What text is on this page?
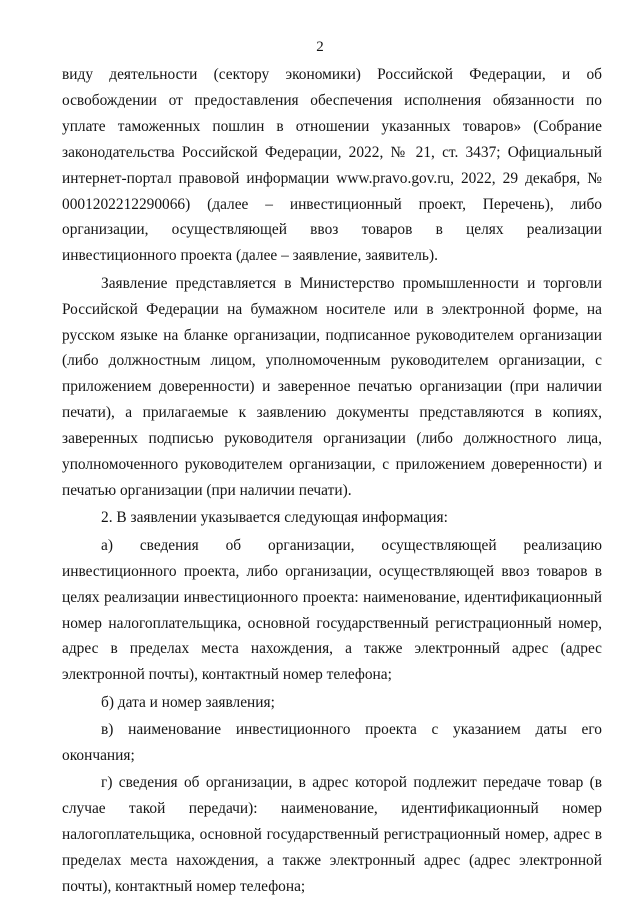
2

виду деятельности (сектору экономики) Российской Федерации, и об освобождении от предоставления обеспечения исполнения обязанности по уплате таможенных пошлин в отношении указанных товаров» (Собрание законодательства Российской Федерации, 2022, № 21, ст. 3437; Официальный интернет-портал правовой информации www.pravo.gov.ru, 2022, 29 декабря, № 0001202212290066) (далее – инвестиционный проект, Перечень), либо организации, осуществляющей ввоз товаров в целях реализации инвестиционного проекта (далее – заявление, заявитель).

Заявление представляется в Министерство промышленности и торговли Российской Федерации на бумажном носителе или в электронной форме, на русском языке на бланке организации, подписанное руководителем организации (либо должностным лицом, уполномоченным руководителем организации, с приложением доверенности) и заверенное печатью организации (при наличии печати), а прилагаемые к заявлению документы представляются в копиях, заверенных подписью руководителя организации (либо должностного лица, уполномоченного руководителем организации, с приложением доверенности) и печатью организации (при наличии печати).

2. В заявлении указывается следующая информация:

а) сведения об организации, осуществляющей реализацию инвестиционного проекта, либо организации, осуществляющей ввоз товаров в целях реализации инвестиционного проекта: наименование, идентификационный номер налогоплательщика, основной государственный регистрационный номер, адрес в пределах места нахождения, а также электронный адрес (адрес электронной почты), контактный номер телефона;

б) дата и номер заявления;

в) наименование инвестиционного проекта с указанием даты его окончания;

г) сведения об организации, в адрес которой подлежит передаче товар (в случае такой передачи): наименование, идентификационный номер налогоплательщика, основной государственный регистрационный номер, адрес в пределах места нахождения, а также электронный адрес (адрес электронной почты), контактный номер телефона;
